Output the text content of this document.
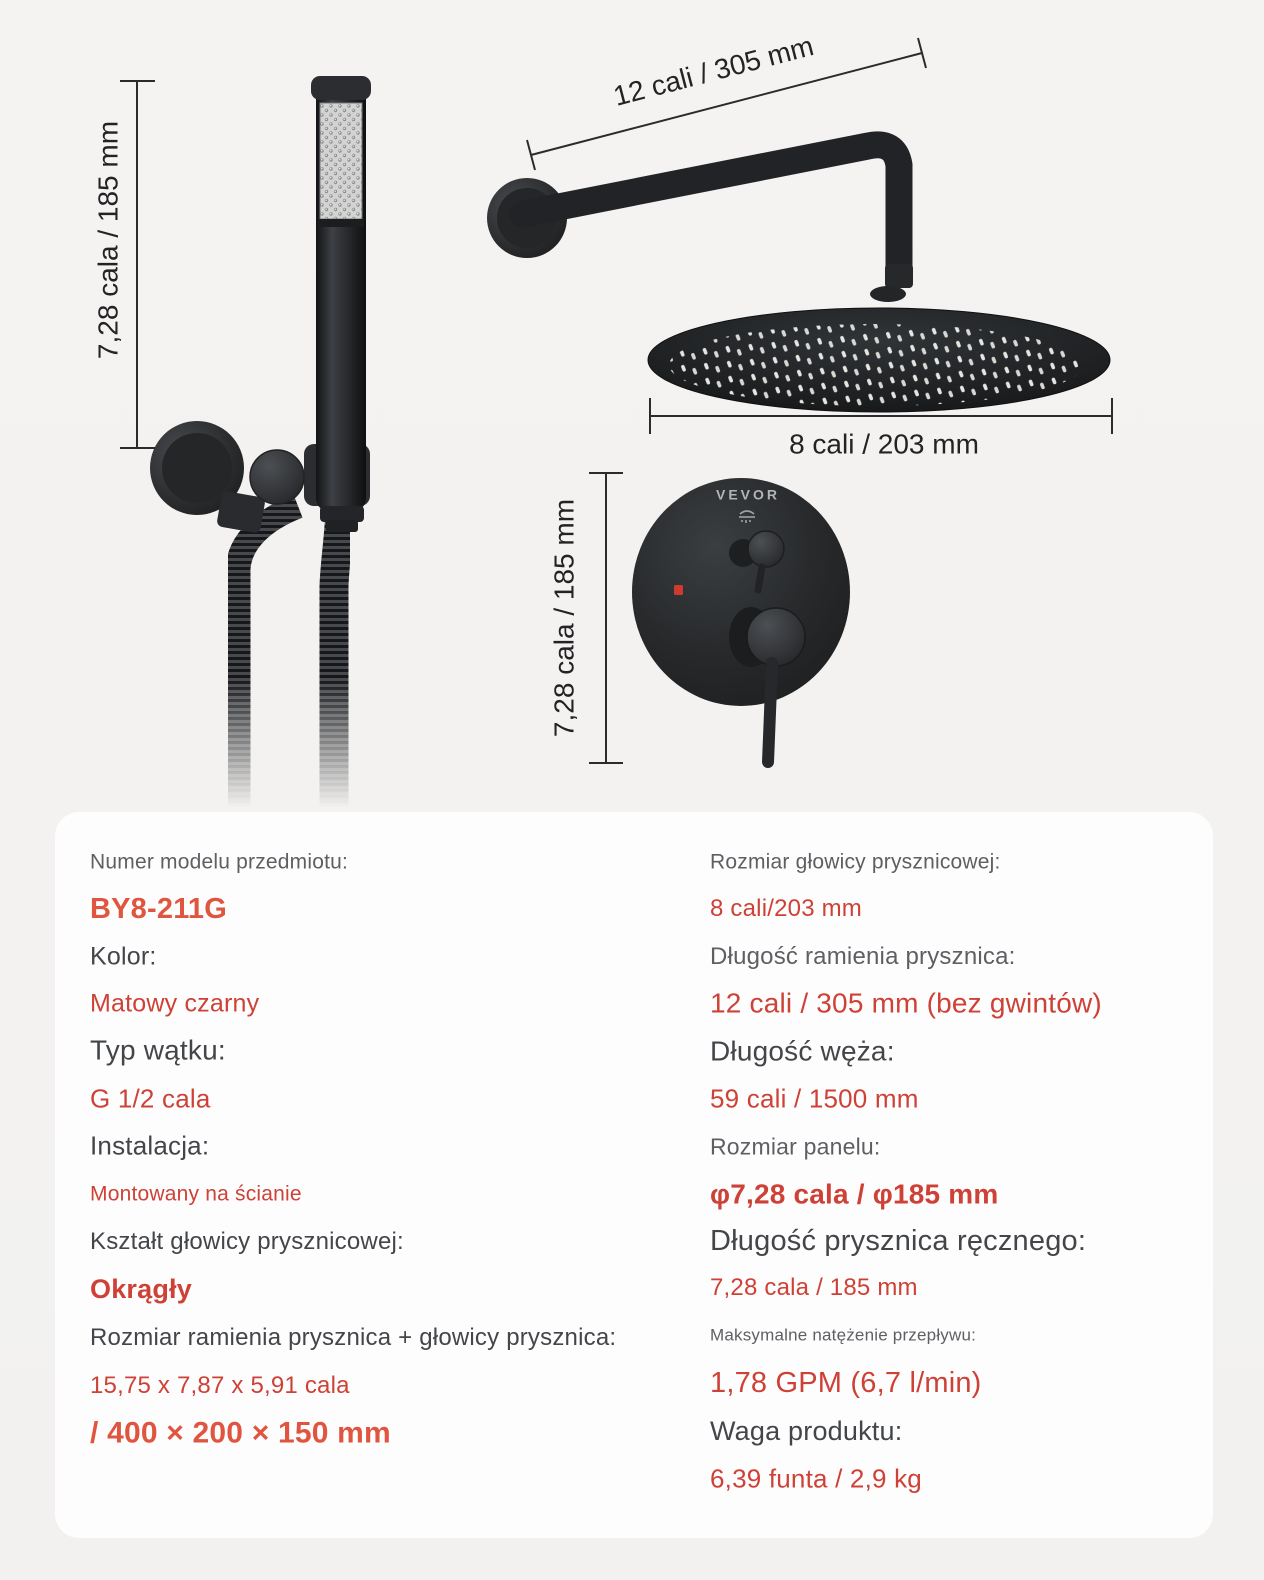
7,28 cala / 185 mm
12 cali / 305 mm
8 cali / 203 mm
7,28 cala / 185 mm
VEVOR
Numer modelu przedmiotu:
BY8-211G
Kolor:
Matowy czarny
Typ wątku:
G 1/2 cala
Instalacja:
Montowany na ścianie
Kształt głowicy prysznicowej:
Okrągły
Rozmiar ramienia prysznica + głowicy prysznica:
15,75 x 7,87 x 5,91 cala
/ 400 × 200 × 150 mm
Rozmiar głowicy prysznicowej:
8 cali/203 mm
Długość ramienia prysznica:
12 cali / 305 mm (bez gwintów)
Długość węża:
59 cali / 1500 mm
Rozmiar panelu:
φ7,28 cala / φ185 mm
Długość prysznica ręcznego:
7,28 cala / 185 mm
Maksymalne natężenie przepływu:
1,78 GPM (6,7 l/min)
Waga produktu:
6,39 funta / 2,9 kg
